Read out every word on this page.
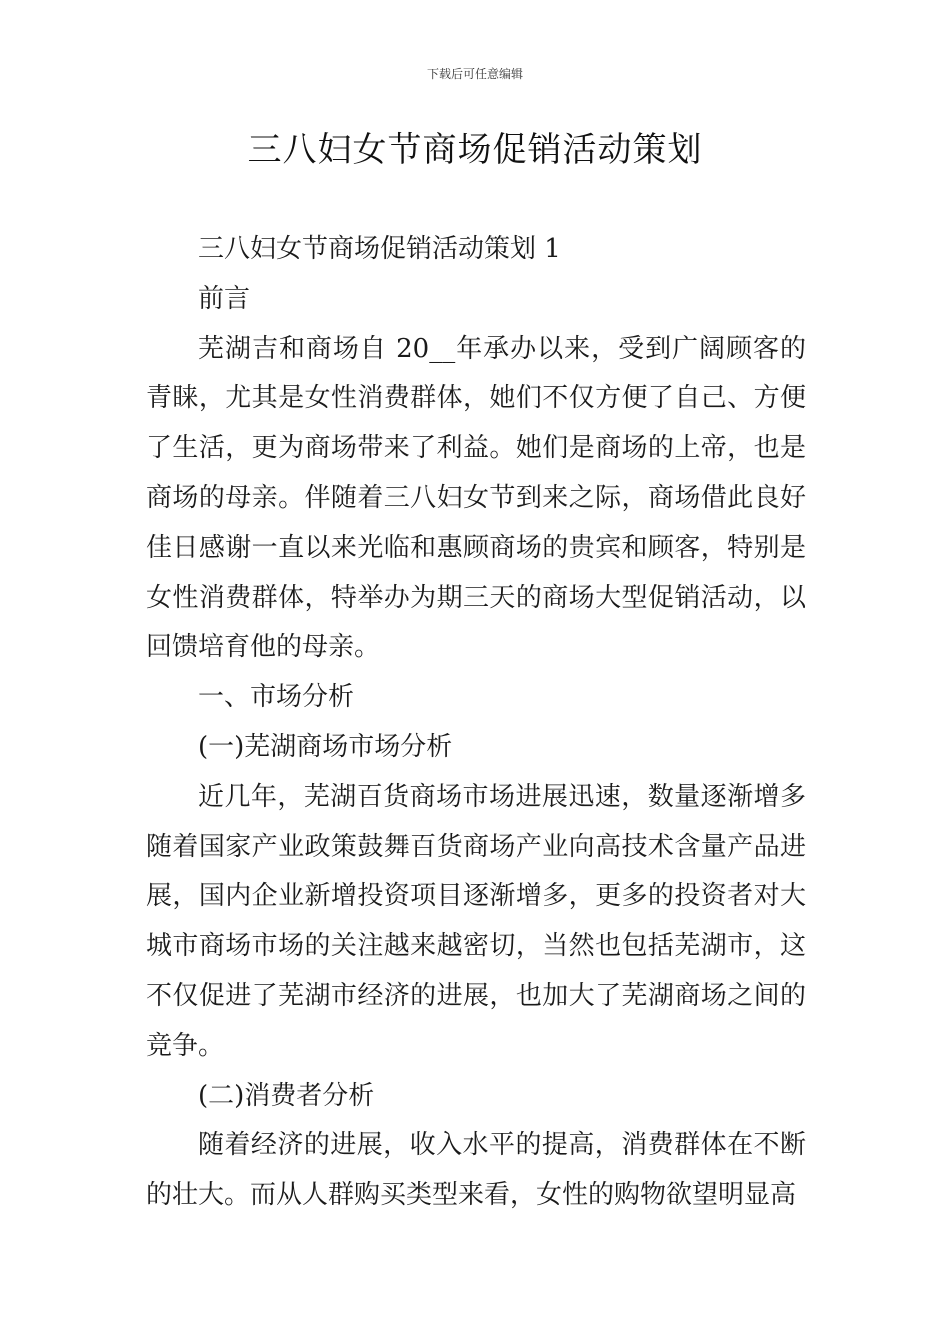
下载后可任意编辑
三八妇女节商场促销活动策划

三八妇女节商场促销活动策划 1

前言

芜湖吉和商场自 20__年承办以来，受到广阔顾客的青睐，尤其是女性消费群体，她们不仅方便了自己、方便了生活，更为商场带来了利益。她们是商场的上帝，也是商场的母亲。伴随着三八妇女节到来之际，商场借此良好佳日感谢一直以来光临和惠顾商场的贵宾和顾客，特别是女性消费群体，特举办为期三天的商场大型促销活动，以回馈培育他的母亲。

一、市场分析

(一)芜湖商场市场分析

近几年，芜湖百货商场市场进展迅速，数量逐渐增多随着国家产业政策鼓舞百货商场产业向高技术含量产品进展，国内企业新增投资项目逐渐增多，更多的投资者对大城市商场市场的关注越来越密切，当然也包括芜湖市，这不仅促进了芜湖市经济的进展，也加大了芜湖商场之间的竞争。

(二)消费者分析

随着经济的进展，收入水平的提高，消费群体在不断的壮大。而从人群购买类型来看，女性的购物欲望明显高
